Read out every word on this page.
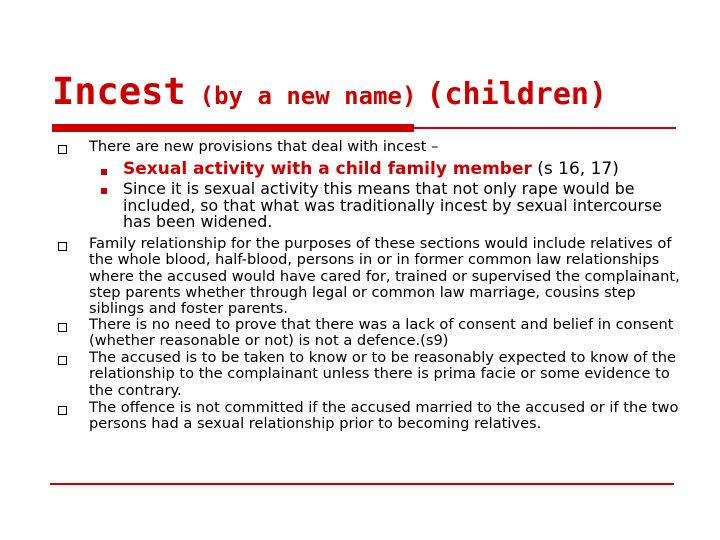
Incest (by a new name) (children)
There are new provisions that deal with incest –
Sexual activity with a child family member (s 16, 17)
Since it is sexual activity this means that not only rape would be included, so that what was traditionally incest by sexual intercourse has been widened.
Family relationship for the purposes of these sections would include relatives of the whole blood, half-blood, persons in or in former common law relationships where the accused would have cared for, trained or supervised the complainant, step parents whether through legal or common law marriage, cousins step siblings and foster parents.
There is no need to prove that there was a lack of consent and belief in consent (whether reasonable or not) is not a defence.(s9)
The accused is to be taken to know or to be reasonably expected to know of the relationship to the complainant unless there is prima facie or some evidence to the contrary.
The offence is not committed if the accused married to the accused or if the two persons had a sexual relationship prior to becoming relatives.
